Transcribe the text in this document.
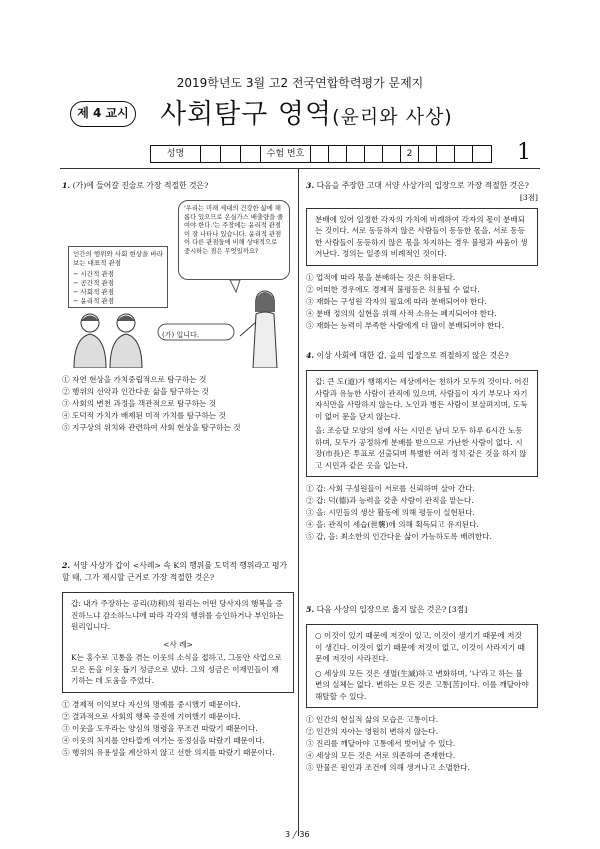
2019학년도 3월 고2 전국연합학력평가 문제지
제 4 교시 사회탐구 영역(윤리와 사상)
성명	수험 번호	2	1
1. (가)에 들어갈 진술로 가장 적절한 것은?
인간의 행위와 사회 현상을 바라보는 대표적 관점
− 시간적 관점
− 공간적 관점
− 사회적 관점
− 윤리적 관점
'우리는 미래 세대의 건강한 삶에 해롭다 있으므로 온실가스 배출량을 줄여야 한다.'는 주장에는 윤리적 관점이 잘 나타나 있습니다. 윤리적 관점이 다른 관점들에 비해 상대적으로 중시하는 점은 무엇일까요?
(가) 입니다.
① 자연 현상을 가치중립적으로 탐구하는 것
② 행위의 선악과 인간다운 삶을 탐구하는 것
③ 사회의 변천 과정을 객관적으로 탐구하는 것
④ 도덕적 가치가 배제된 미적 가치를 탐구하는 것
⑤ 지구상의 위치와 관련하여 사회 현상을 탐구하는 것
2. 서양 사상가 갑이 <사례> 속 K의 행위를 도덕적 행위라고 평가할 때, 그가 제시할 근거로 가장 적절한 것은?
갑: 내가 주장하는 공리(功利)의 원리는 어떤 당사자의 행복을 증진하느냐 감소하느냐에 따라 각각의 행위를 승인하거나 부인하는 원리입니다.
<사 례>
K는 홍수로 고통을 겪는 이웃의 소식을 접하고, 그동안 사업으로 모은 돈을 이웃 돕기 성금으로 냈다. 그의 성금은 이재민들이 재기하는 데 도움을 주었다.
① 경제적 이익보다 자신의 명예를 중시했기 때문이다.
② 결과적으로 사회의 행복 증진에 기여했기 때문이다.
③ 이웃을 도우라는 양심의 명령을 무조건 따랐기 때문이다.
④ 이웃의 처지를 안타깝게 여기는 동정심을 따랐기 때문이다.
⑤ 행위의 유용성을 계산하지 않고 선한 의지를 따랐기 때문이다.
3. 다음을 주장한 고대 서양 사상가의 입장으로 가장 적절한 것은?
[3점]
분배에 있어 일정한 각자의 가치에 비례하여 각자의 몫이 분배되는 것이다. 서로 동등하지 않은 사람들이 동등한 몫을, 서로 동등한 사람들이 동등하지 않은 몫을 차지하는 경우 불평과 싸움이 생겨난다. 정의는 일종의 비례적인 것이다.
① 업적에 따라 몫을 분배하는 것은 허용된다.
② 어떠한 경우에도 경제적 불평등은 허용될 수 없다.
③ 재화는 구성원 각자의 필요에 따라 분배되어야 한다.
④ 분배 정의의 실현을 위해 사적 소유는 폐지되어야 한다.
⑤ 재화는 능력이 부족한 사람에게 더 많이 분배되어야 한다.
4. 이상 사회에 대한 갑, 을의 입장으로 적절하지 않은 것은?
갑: 큰 도(道)가 행해지는 세상에서는 천하가 모두의 것이다. 어진 사람과 유능한 사람이 관직에 있으며, 사람들이 자기 부모나 자기 자식만을 사랑하지 않는다. 노인과 병든 사람이 보살펴지며, 도둑이 없어 문을 닫지 않는다.
을: 조승달 모양의 섬에 사는 시민은 남녀 모두 하루 6시간 노동하며, 모두가 공정하게 분배를 받으므로 가난한 사람이 없다. 시장(市長)은 투표로 선출되며 특별한 여러 정치 같은 것을 하지 않고 시민과 같은 옷을 입는다.
① 갑: 사회 구성원들이 서로를 신뢰하며 살아 간다.
② 갑: 덕(德)과 능력을 갖춘 사람이 관직을 맡는다.
③ 을: 시민들의 생산 활동에 의해 평등이 실현된다.
④ 을: 관직이 세습(世襲)에 의해 획득되고 유지된다.
⑤ 갑, 을: 최소한의 인간다운 삶이 가능하도록 배려한다.
5. 다음 사상의 입장으로 옳지 않은 것은? [3점]
○ 이것이 있기 때문에 저것이 있고, 이것이 생기기 때문에 저것이 생긴다. 이것이 없기 때문에 저것이 없고, 이것이 사라지기 때문에 저것이 사라진다.
○ 세상의 모든 것은 생멸(生滅)하고 변화하며, '나'라고 하는 불변의 실체는 없다. 변하는 모든 것은 고통[苦]이다. 이를 깨달아야 해탈할 수 있다.
① 인간의 현실적 삶의 모습은 고통이다.
② 인간의 자아는 영원히 변하지 않는다.
③ 진리를 깨달아야 고통에서 벗어날 수 있다.
④ 세상의 모든 것은 서로 의존하여 존재한다.
⑤ 만물은 원인과 조건에 의해 생겨나고 소멸한다.
3 ╱ 36
